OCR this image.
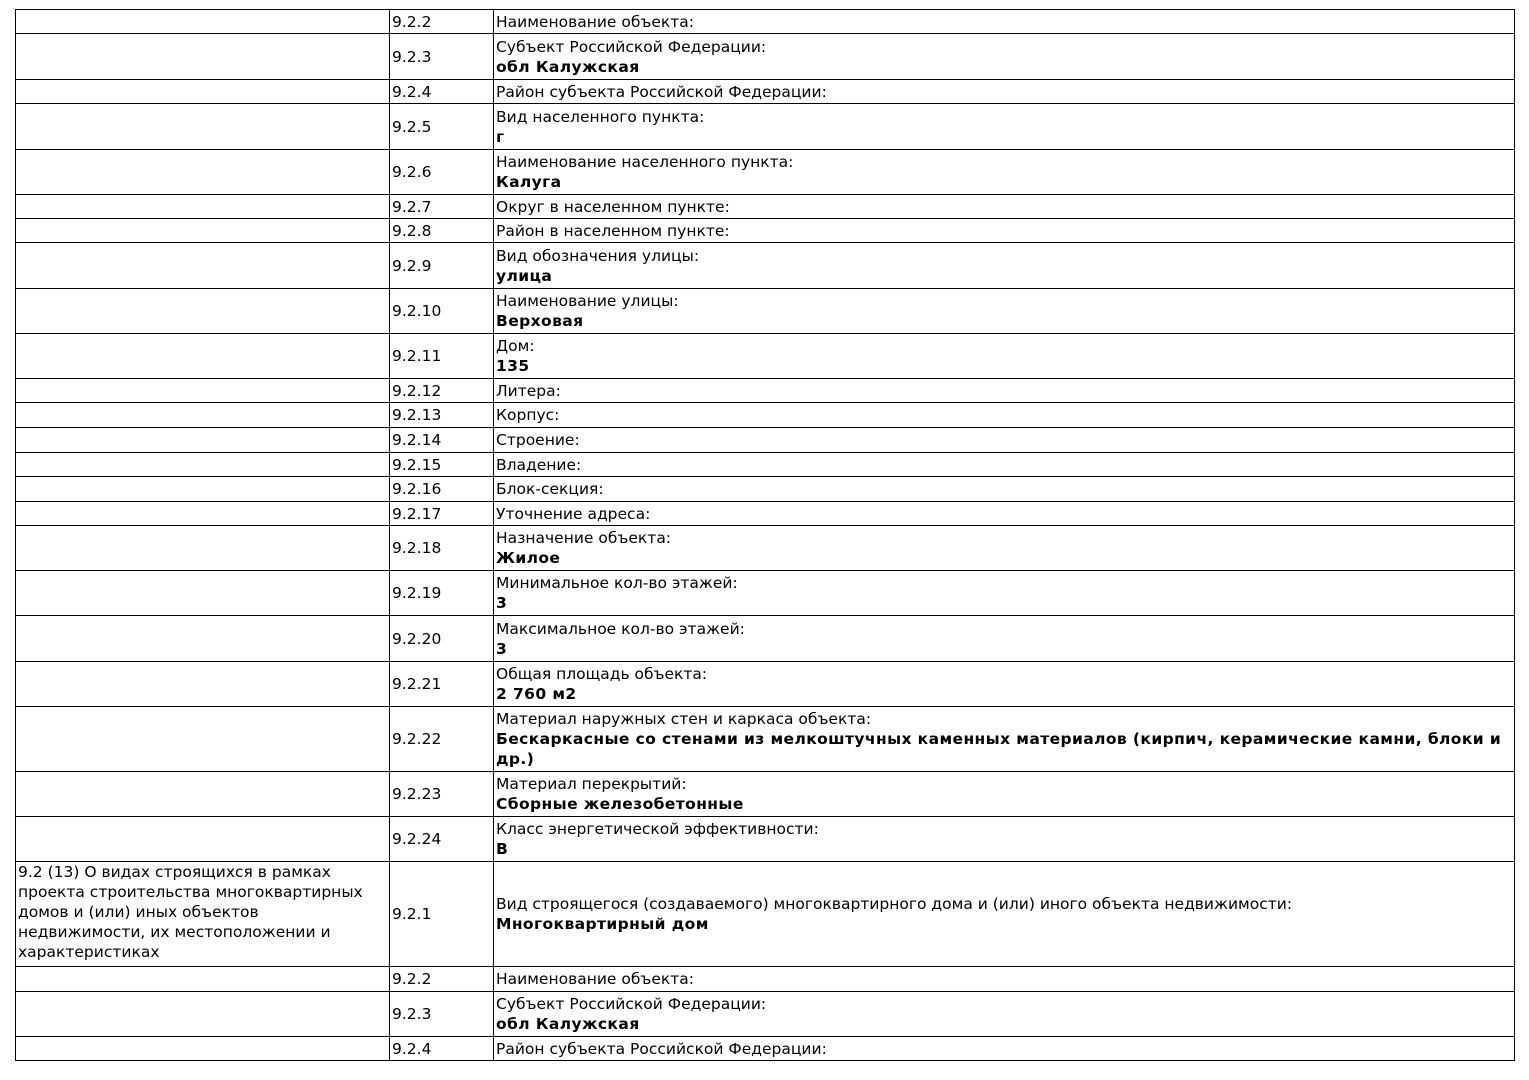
	9.2.2	Наименование объекта:

	9.2.3	Субъект Российской Федерации:
обл Калужская

	9.2.4	Район субъекта Российской Федерации:

	9.2.5	Вид населенного пункта:
г

	9.2.6	Наименование населенного пункта:
Калуга

	9.2.7	Округ в населенном пункте:

	9.2.8	Район в населенном пункте:

	9.2.9	Вид обозначения улицы:
улица

	9.2.10	Наименование улицы:
Верховая

	9.2.11	Дом:
135

	9.2.12	Литера:

	9.2.13	Корпус:

	9.2.14	Строение:

	9.2.15	Владение:

	9.2.16	Блок-секция:

	9.2.17	Уточнение адреса:

	9.2.18	Назначение объекта:
Жилое

	9.2.19	Минимальное кол-во этажей:
3

	9.2.20	Максимальное кол-во этажей:
3

	9.2.21	Общая площадь объекта:
2 760 м2

	9.2.22	Материал наружных стен и каркаса объекта:
Бескаркасные со стенами из мелкоштучных каменных материалов (кирпич, керамические камни, блоки и др.)

	9.2.23	Материал перекрытий:
Сборные железобетонные

	9.2.24	Класс энергетической эффективности:
В

9.2 (13) О видах строящихся в рамках проекта строительства многоквартирных домов и (или) иных объектов недвижимости, их местоположении и характеристиках	9.2.1	Вид строящегося (создаваемого) многоквартирного дома и (или) иного объекта недвижимости:
Многоквартирный дом

	9.2.2	Наименование объекта:

	9.2.3	Субъект Российской Федерации:
обл Калужская

	9.2.4	Район субъекта Российской Федерации:
